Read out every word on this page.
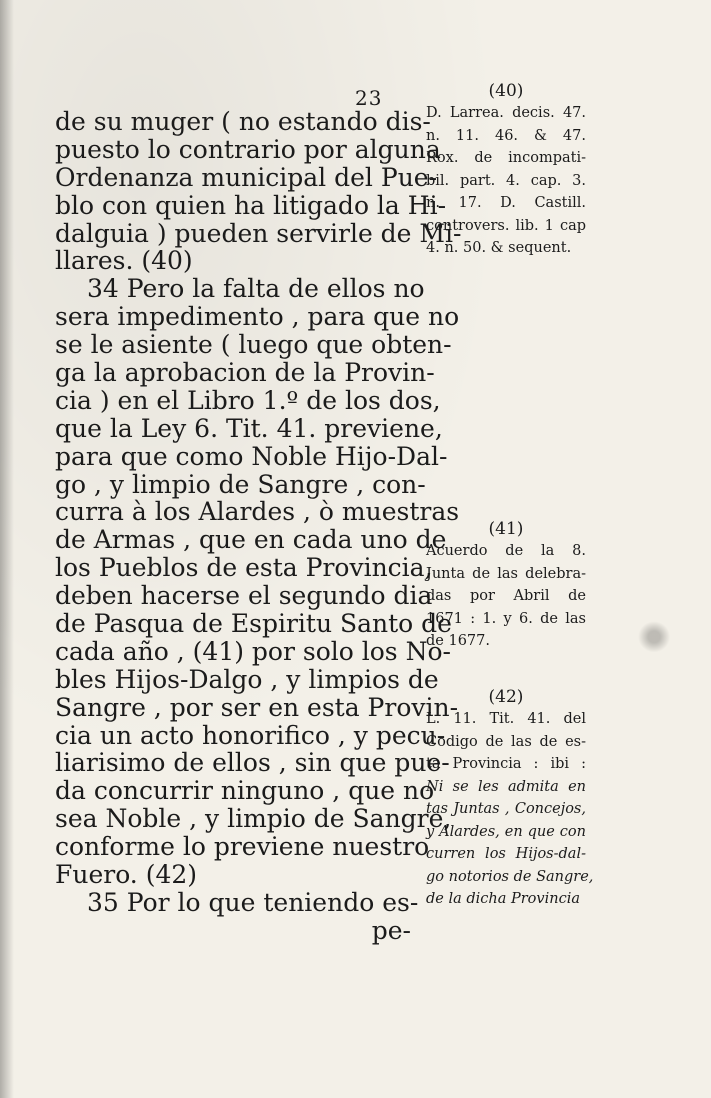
23
de su muger ( no estando dis-
puesto lo contrario por alguna
Ordenanza municipal del Pue-
blo con quien ha litigado la Hi-
dalguia ) pueden servirle de Mi-
llares. (40)
34 Pero la falta de ellos no
sera impedimento , para que no
se le asiente ( luego que obten-
ga la aprobacion de la Provin-
cia ) en el Libro 1.º de los dos,
que la Ley 6. Tit. 41. previene,
para que como Noble Hijo-Dal-
go , y limpio de Sangre , con-
curra à los Alardes , ò muestras
de Armas , que en cada uno de
los Pueblos de esta Provincia,
deben hacerse el segundo dia
de Pasqua de Espiritu Santo de
cada año , (41) por solo los No-
bles Hijos-Dalgo , y limpios de
Sangre , por ser en esta Provin-
cia un acto honorifico , y pecu-
liarisimo de ellos , sin que pue-
da concurrir ninguno , que no
sea Noble , y limpio de Sangre,
conforme lo previene nuestro
Fuero. (42)
35 Por lo que teniendo es-
pe-
(40)
D. Larrea. decis. 47.
n. 11. 46. & 47.
Rox. de incompati-
bil. part. 4. cap. 3.
n. 17. D. Castill.
controvers. lib. 1 cap
4. n. 50. & sequent.
(41)
Acuerdo de la 8.
Junta de las delebra-
das por Abril de
1671 : 1. y 6. de las
de 1677.
(42)
L. 11. Tit. 41. del
Codigo de las de es-
ta Provincia : ibi :
Ni se les admita en
tas Juntas , Concejos,
y Alardes, en que con
curren los Hijos-dal-
go notorios de Sangre,
de la dicha Provincia
